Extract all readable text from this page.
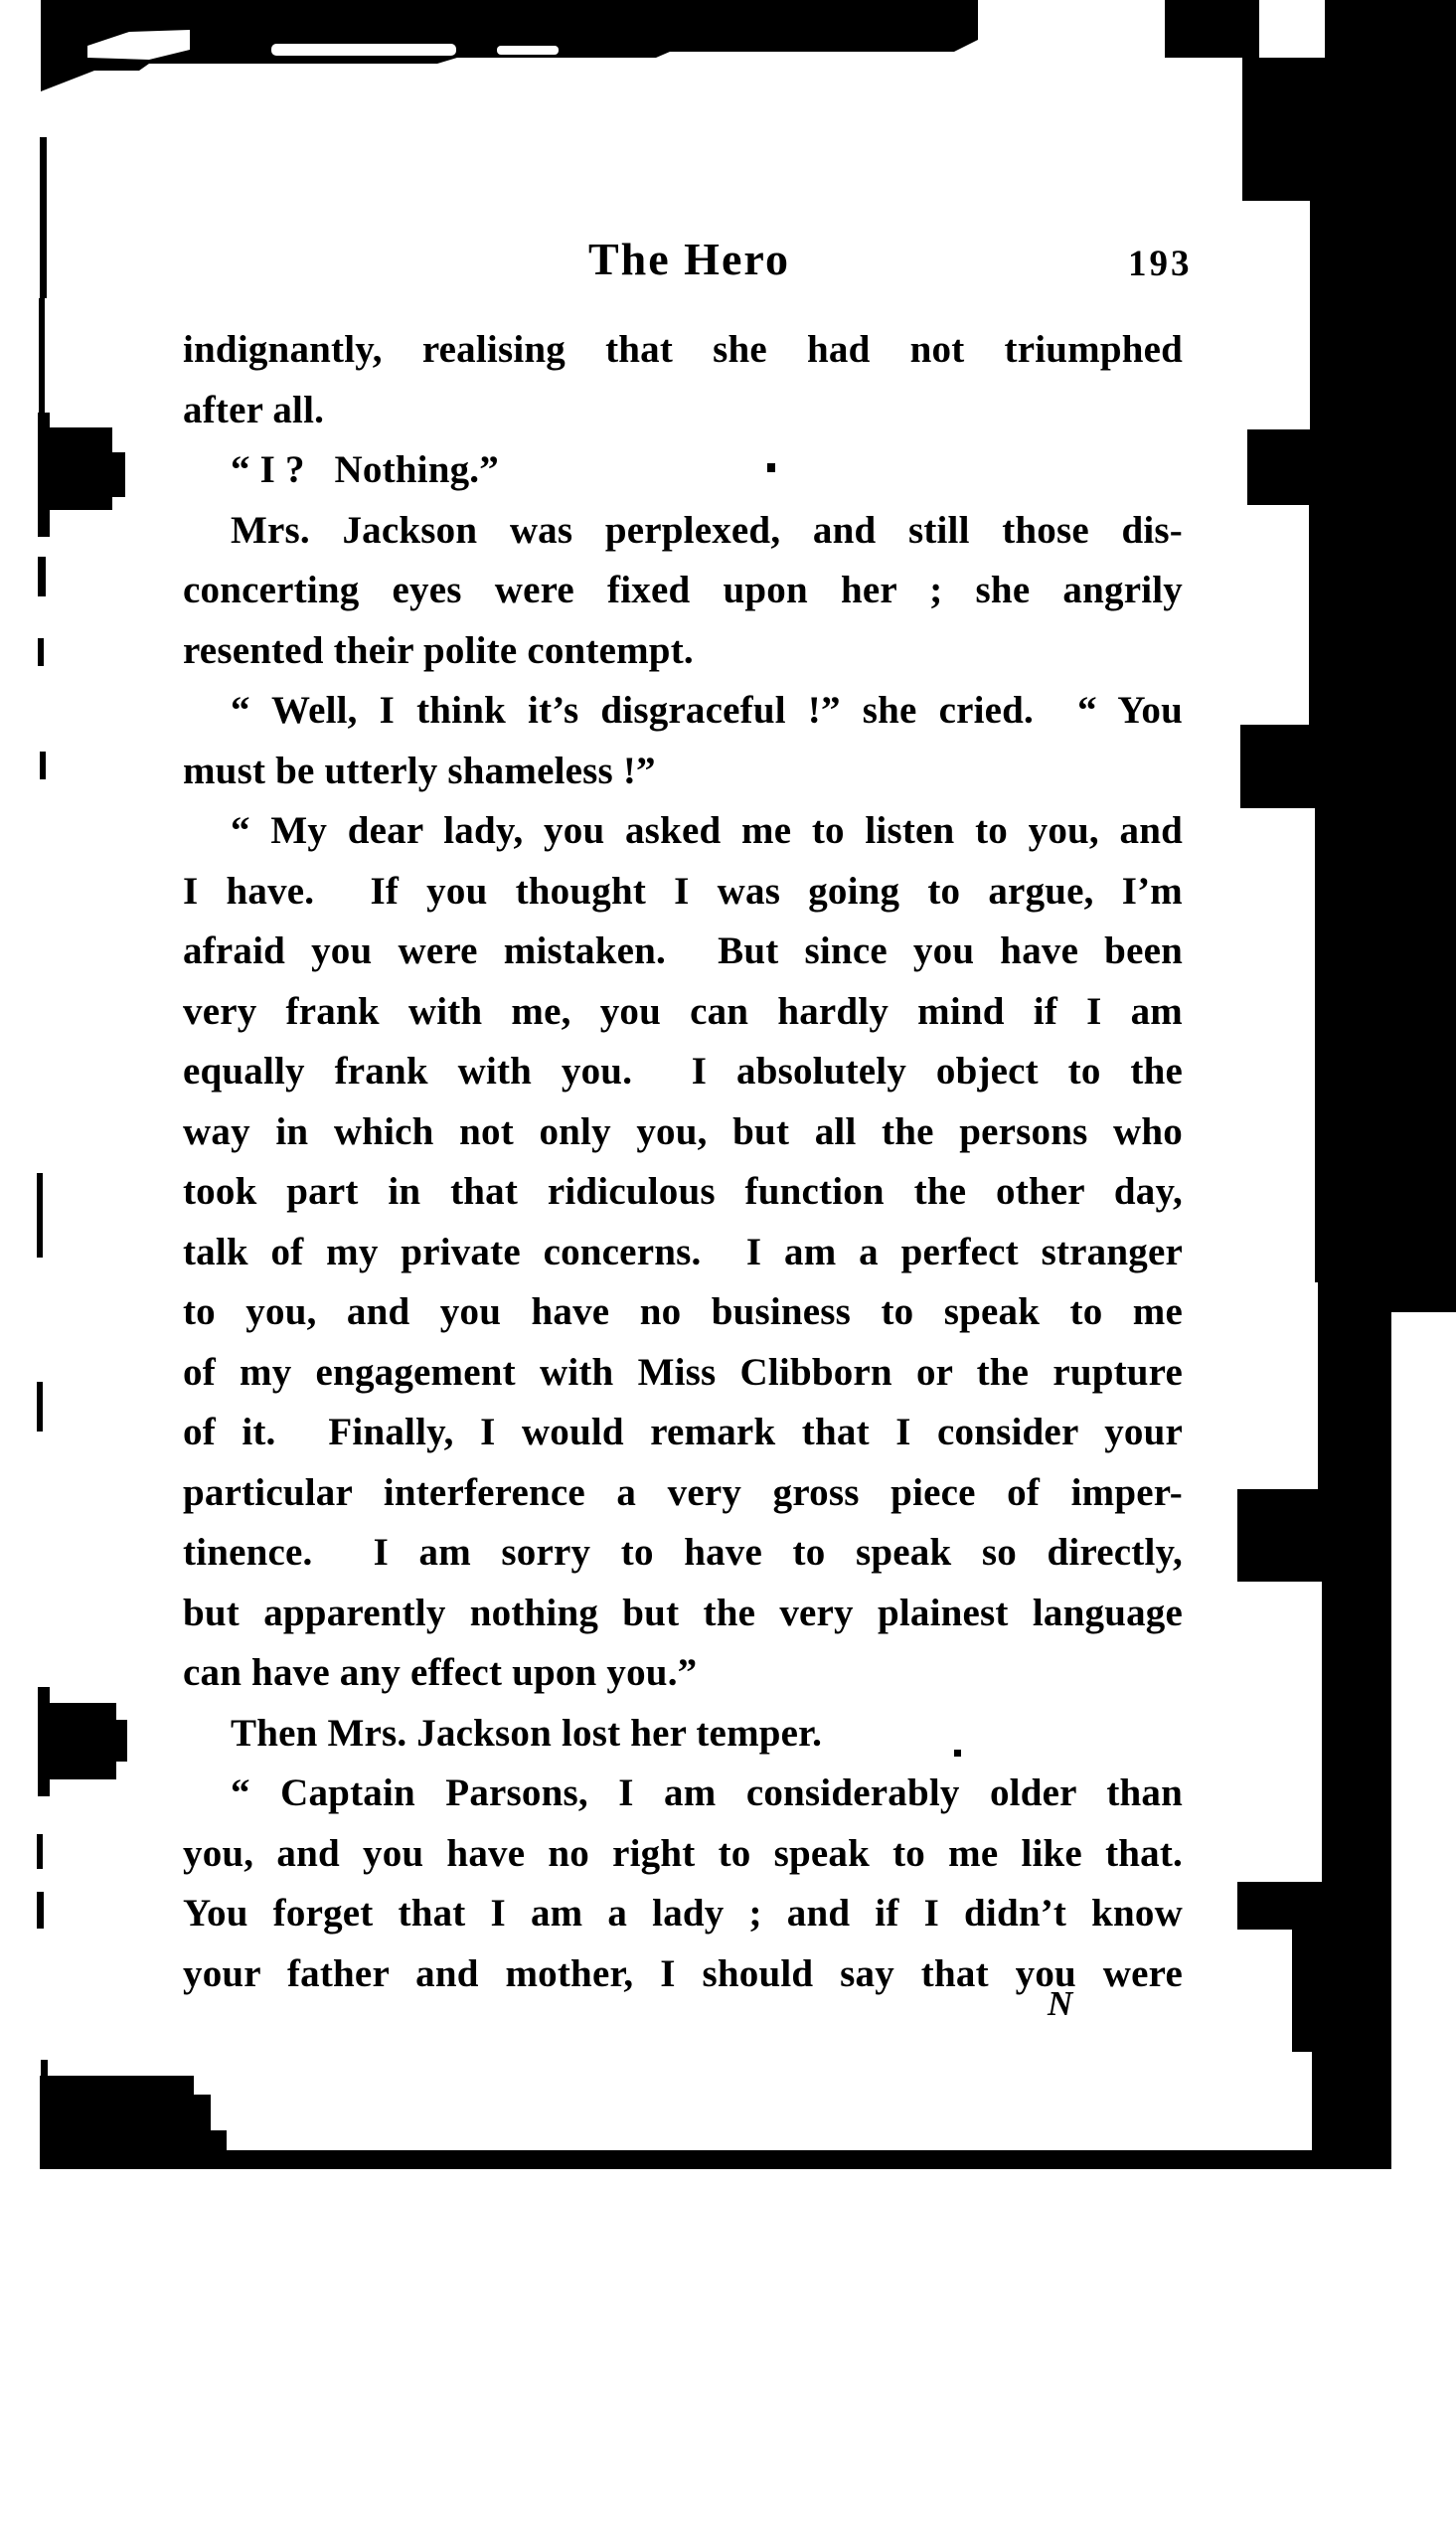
The Hero	193
indignantly, realising that she had not triumphed
after all.
“ I ?   Nothing.”
Mrs. Jackson was perplexed, and still those dis-
concerting eyes were fixed upon her ; she angrily
resented their polite contempt.
“ Well, I think it’s disgraceful !” she cried.  “ You
must be utterly shameless !”
“ My dear lady, you asked me to listen to you, and
I have.  If you thought I was going to argue, I’m
afraid you were mistaken.  But since you have been
very frank with me, you can hardly mind if I am
equally frank with you.  I absolutely object to the
way in which not only you, but all the persons who
took part in that ridiculous function the other day,
talk of my private concerns.  I am a perfect stranger
to you, and you have no business to speak to me
of my engagement with Miss Clibborn or the rupture
of it.  Finally, I would remark that I consider your
particular interference a very gross piece of imper-
tinence.  I am sorry to have to speak so directly,
but apparently nothing but the very plainest language
can have any effect upon you.”
Then Mrs. Jackson lost her temper.
“ Captain Parsons, I am considerably older than
you, and you have no right to speak to me like that.
You forget that I am a lady ; and if I didn’t know
your father and mother, I should say that you were
N
